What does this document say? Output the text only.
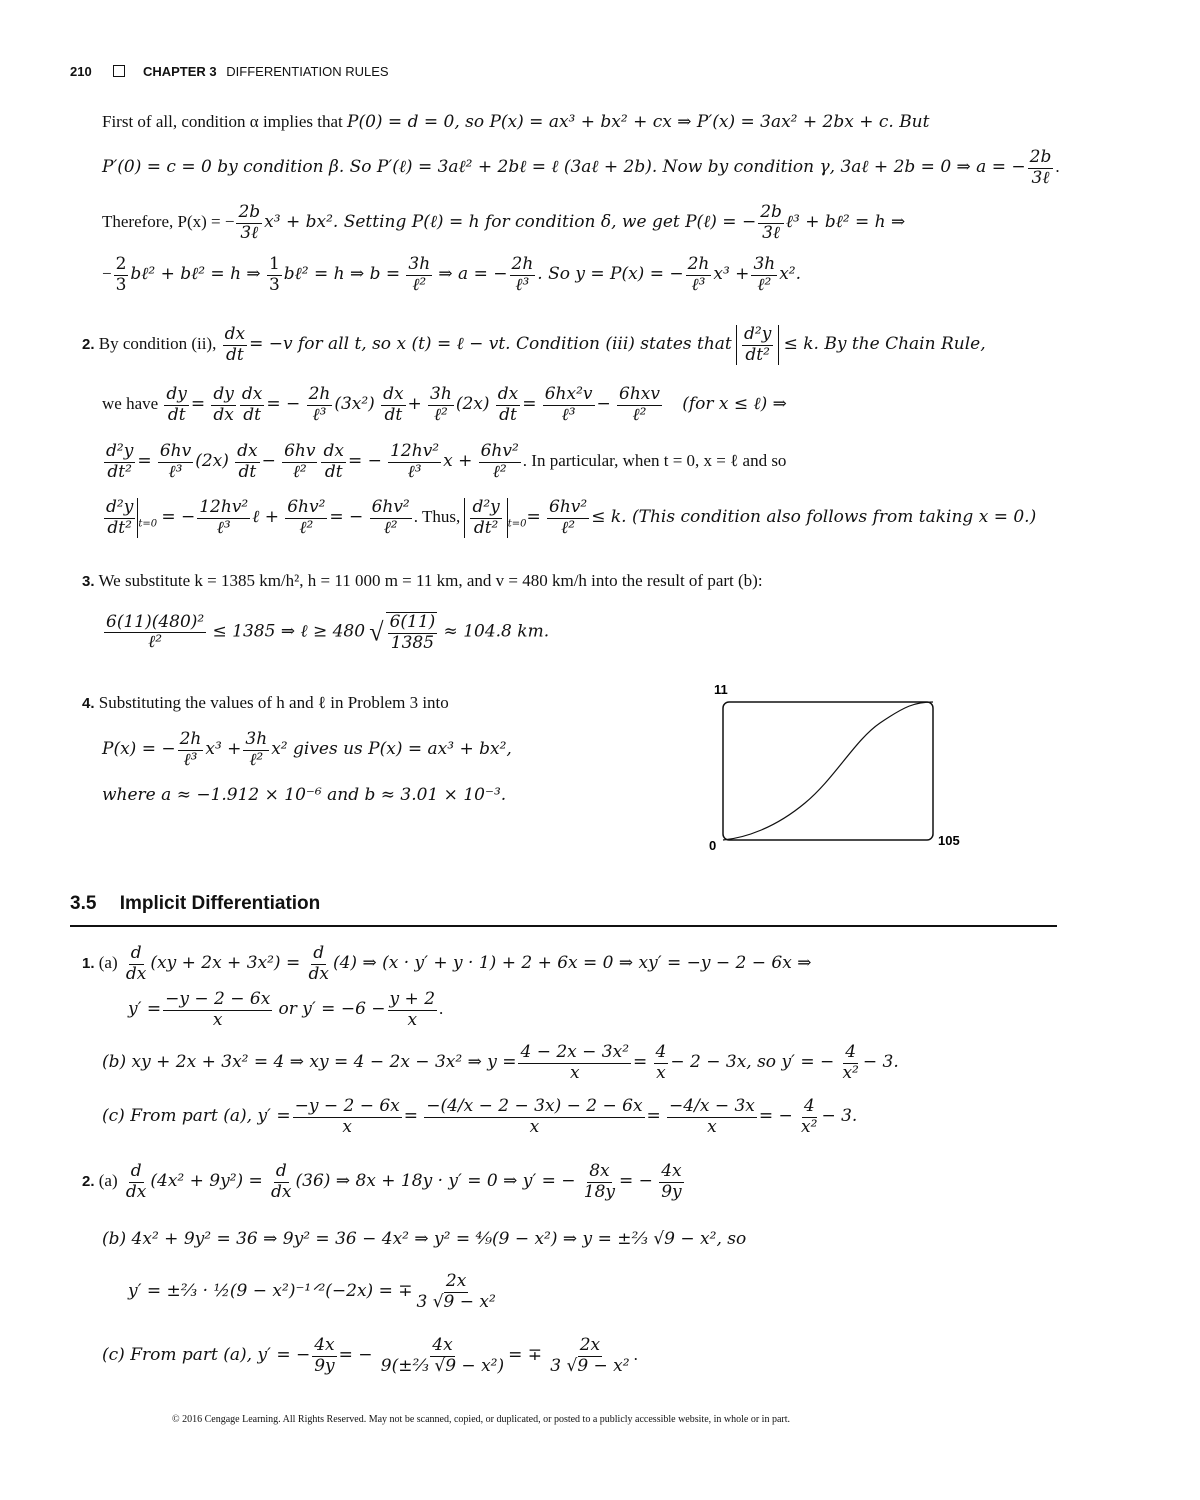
210	CHAPTER 3 DIFFERENTIATION RULES
First of all, condition α implies that P(0) = d = 0, so P(x) = ax³ + bx² + cx ⇒ P′(x) = 3ax² + 2bx + c. But
P′(0) = c = 0 by condition β. So P′(ℓ) = 3aℓ² + 2bℓ = ℓ (3aℓ + 2b). Now by condition γ, 3aℓ + 2b = 0 ⇒ a = − $\frac{2b}{\text{3ℓ}}$ .
Therefore, P(x) = − $\frac{2b}{\text{3ℓ}} x^3 + bx^2$. Setting P(ℓ) = h for condition δ, we get P(ℓ) = − $\frac{2b}{\text{3ℓ}}$ ℓ³ + bℓ² = h ⇒
− $\frac{2}{3}$ bℓ² + bℓ² = h ⇒ $\frac{1}{3}$ bℓ² = h ⇒ $b = \frac{3h}{\text{ℓ²}}$ ⇒ a = − $\frac{2h}{\text{ℓ³}}$ . So y = P(x) = − $\frac{2h}{\text{ℓ³}} x^3 + \frac{3h}{\text{ℓ²}} x^2$.
2. By condition (ii), $\frac{dx}{dt} = -v$ for all t, so x (t) = ℓ − vt. Condition (iii) states that $\frac{\text{d²y}}{\text{dt²}} \le k$. By the Chain Rule,
we have $\frac{dy}{dt} = \frac{dy}{dx} \frac{dx}{dt}$ = − $\frac{2h}{\text{ℓ³}} (3x^2) \frac{dx}{dt} + \frac{3h}{\text{ℓ²}} (2x) \frac{dx}{dt} = \frac{\text{6hx²v}}{\text{ℓ³}} - \frac{\text{6hxv}}{\text{ℓ²}} (for$ x ≤ ℓ) ⇒
$\frac{\text{d²y}}{\text{dt²}} = \frac{6hv}{\text{ℓ³}} (2x) \frac{dx}{dt} - \frac{6hv}{\text{ℓ²}} \frac{dx}{dt}$ = − $\frac{\text{12hv²}}{\text{ℓ³}}$ $x + \frac{\text{6hv²}}{\text{ℓ²}}$ . In particular, when t = 0, x = ℓ and so
$\frac{\text{d²y}}{\text{dt²}} _{t=0}$ = − $\frac{\text{12hv²}}{\text{ℓ³}}$ ℓ + $\frac{\text{6hv²}}{\text{ℓ²}}$ = − $\frac{\text{6hv²}}{\text{ℓ²}}$ . Thus, $\frac{\text{d²y}}{\text{dt²}} _{t=0}= \frac{\text{6hv²}}{\text{ℓ²}} \le k$. (This condition also follows from taking x = 0.)
3. We substitute k = 1385 km/h², h = 11 000 m = 11 km, and v = 480 km/h into the result of part (b):
$\frac{\text{6(11)(480)²}}{\text{ℓ²}} \le 1385$ ⇒ ℓ ≥ 480 √ $\frac{6(11)}{1385} \approx 104.8$ km.
4. Substituting the values of h and ℓ in Problem 3 into
P(x) = − $\frac{2h}{\text{ℓ³}} x^3 + \frac{3h}{\text{ℓ²}} x^2$ gives us P(x) = ax³ + bx²,
where a ≈ −1.912 × 10⁻⁶ and b ≈ 3.01 × 10⁻³.
11
0	105
3.5 Implicit Differentiation
1. $(a) \frac{d}{dx} (xy + 2x + 3x^2) = \frac{d}{dx} (4)$ ⇒ (x · y′ + y · 1) + 2 + 6x = 0 ⇒ xy′ = −y − 2 − 6x ⇒
$y' = \frac{-y - 2 - 6x}{x}$ or $y' = -6 - \frac{y + 2}{x}$ .
(b) xy + 2x + 3x² = 4 ⇒ xy = 4 − 2x − 3x² ⇒ $y = \frac{\text{4 − 2x − 3x²}}{x} = \frac{4}{x} - 2 - 3x$, so y′ = − $\frac{4}{\text{x²}} - 3$.
(c) From part (a), $y' = \frac{-y - 2 - 6x}{x} = \frac{-(4/x - 2 - 3x) - 2 - 6x}{x} = \frac{-4/x - 3x}{x}$ = − $\frac{4}{\text{x²}} - 3$.
2. $(a) \frac{d}{dx} (4x^2 + 9y^2) = \frac{d}{dx} (36)$ ⇒ 8x + 18y · y′ = 0 ⇒ y′ = − $\frac{8x}{18y}$ = − $\frac{4x}{9y}$
(b) 4x² + 9y² = 36 ⇒ 9y² = 36 − 4x² ⇒ y² = ⁴⁄₉(9 − x²) ⇒ y = ±⅔ √9 − x², so
y′ = ±⅔ · ½(9 − x²)⁻¹ᐟ²(−2x) = ∓ $\frac{2x}{\text{3 √9 − x²}}$
(c) From part (a), y′ = − $\frac{4x}{9y}$ = − $\frac{4x}{\text{9(±⅔ √9 − x²)}}$ = ∓ $\frac{2x}{\text{3 √9 − x²}}$ .
© 2016 Cengage Learning. All Rights Reserved. May not be scanned, copied, or duplicated, or posted to a publicly accessible website, in whole or in part.
